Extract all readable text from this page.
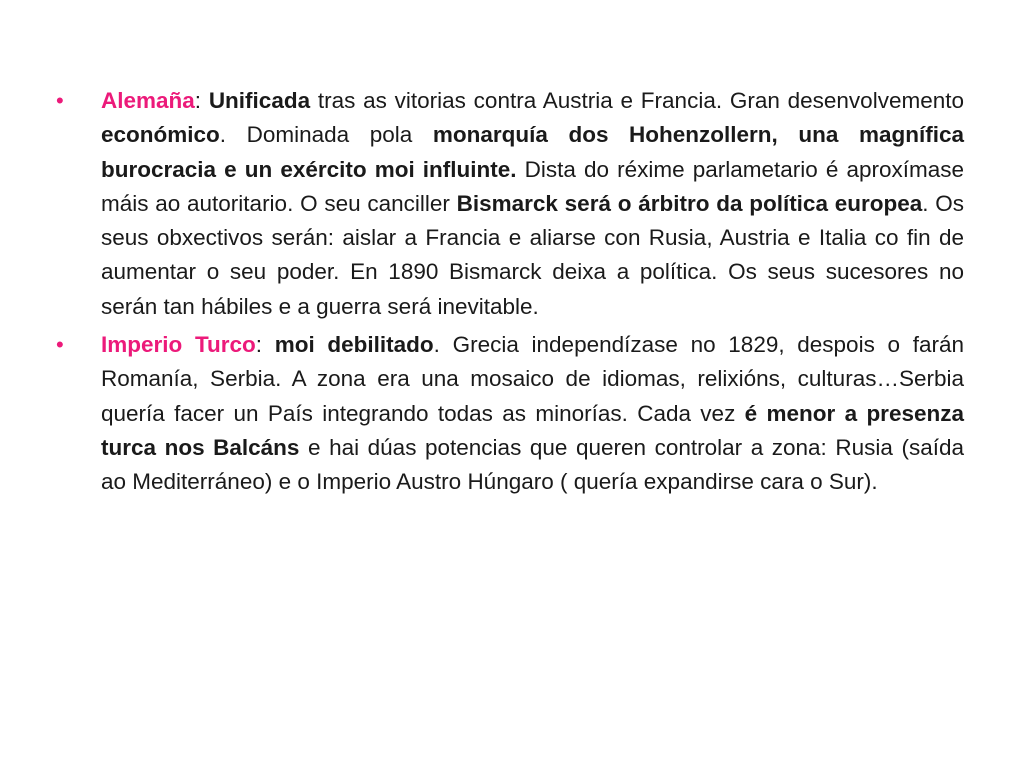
• Alemaña: Unificada tras as vitorias contra Austria e Francia. Gran desenvolvemento económico. Dominada pola monarquía dos Hohenzollern, una magnífica burocracia e un exército moi influinte. Dista do réxime parlametario é aproxímase máis ao autoritario. O seu canciller Bismarck será o árbitro da política europea. Os seus obxectivos serán: aislar a Francia e aliarse con Rusia, Austria e Italia co fin de aumentar o seu poder. En 1890 Bismarck deixa a política. Os seus sucesores no serán tan hábiles e a guerra será inevitable.
• Imperio Turco: moi debilitado. Grecia independízase no 1829, despois o farán Romanía, Serbia. A zona era una mosaico de idiomas, relixións, culturas…Serbia quería facer un País integrando todas as minorías. Cada vez é menor a presenza turca nos Balcáns e hai dúas potencias que queren controlar a zona: Rusia (saída ao Mediterráneo) e o Imperio Austro Húngaro ( quería expandirse cara o Sur).
